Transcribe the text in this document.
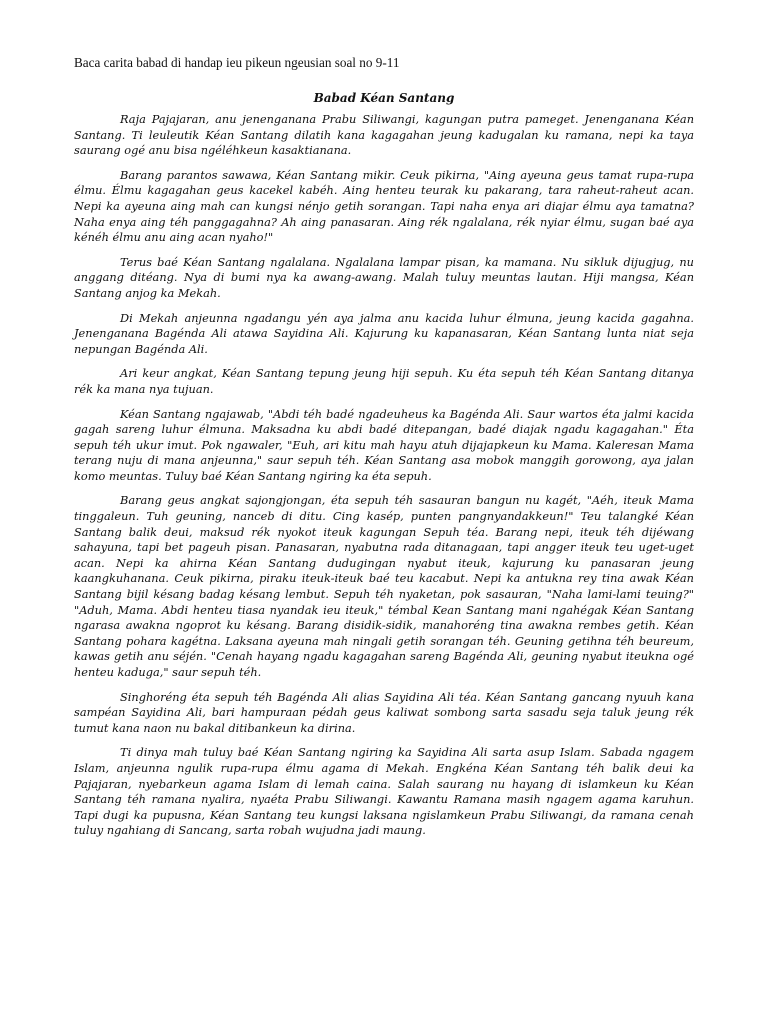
Baca carita babad di handap ieu pikeun ngeusian soal no 9-11

Babad Kéan Santang

Raja Pajajaran, anu jenenganana Prabu Siliwangi, kagungan putra pameget. Jenenganana Kéan Santang. Ti leuleutik Kéan Santang dilatih kana kagagahan jeung kadugalan ku ramana, nepi ka taya saurang ogé anu bisa ngéléhkeun kasaktianana.

Barang parantos sawawa, Kéan Santang mikir. Ceuk pikirna, "Aing ayeuna geus tamat rupa-rupa élmu. Élmu kagagahan geus kacekel kabéh. Aing henteu teurak ku pakarang, tara raheut-raheut acan. Nepi ka ayeuna aing mah can kungsi nénjo getih sorangan. Tapi naha enya ari diajar élmu aya tamatna? Naha enya aing téh panggagahna? Ah aing panasaran. Aing rék ngalalana, rék nyiar élmu, sugan baé aya kénéh élmu anu aing acan nyaho!"

Terus baé Kéan Santang ngalalana. Ngalalana lampar pisan, ka mamana. Nu sikluk dijugjug, nu anggang ditéang. Nya di bumi nya ka awang-awang. Malah tuluy meuntas lautan. Hiji mangsa, Kéan Santang anjog ka Mekah.

Di Mekah anjeunna ngadangu yén aya jalma anu kacida luhur élmuna, jeung kacida gagahna. Jenenganana Bagénda Ali atawa Sayidina Ali. Kajurung ku kapanasaran, Kéan Santang lunta niat seja nepungan Bagénda Ali.

Ari keur angkat, Kéan Santang tepung jeung hiji sepuh. Ku éta sepuh téh Kéan Santang ditanya rék ka mana nya tujuan.

Kéan Santang ngajawab, "Abdi téh badé ngadeuheus ka Bagénda Ali. Saur wartos éta jalmi kacida gagah sareng luhur élmuna. Maksadna ku abdi badé ditepangan, badé diajak ngadu kagagahan." Éta sepuh téh ukur imut. Pok ngawaler, "Euh, ari kitu mah hayu atuh dijajapkeun ku Mama. Kaleresan Mama terang nuju di mana anjeunna," saur sepuh téh. Kéan Santang asa mobok manggih gorowong, aya jalan komo meuntas. Tuluy baé Kéan Santang ngiring ka éta sepuh.

Barang geus angkat sajongjongan, éta sepuh téh sasauran bangun nu kagét, "Aéh, iteuk Mama tinggaleun. Tuh geuning, nanceb di ditu. Cing kasép, punten pangnyandakkeun!" Teu talangké Kéan Santang balik deui, maksud rék nyokot iteuk kagungan Sepuh téa. Barang nepi, iteuk téh dijéwang sahayuna, tapi bet pageuh pisan. Panasaran, nyabutna rada ditanagaan, tapi angger iteuk teu uget-uget acan. Nepi ka ahirna Kéan Santang dudugingan nyabut iteuk, kajurung ku panasaran jeung kaangkuhanana. Ceuk pikirna, piraku iteuk-iteuk baé teu kacabut. Nepi ka antukna rey tina awak Kéan Santang bijil késang badag késang lembut. Sepuh téh nyaketan, pok sasauran, "Naha lami-lami teuing?" "Aduh, Mama. Abdi henteu tiasa nyandak ieu iteuk," témbal Kean Santang mani ngahégak Kéan Santang ngarasa awakna ngoprot ku késang. Barang disidik-sidik, manahoréng tina awakna rembes getih. Kéan Santang pohara kagétna. Laksana ayeuna mah ningali getih sorangan téh. Geuning getihna téh beureum, kawas getih anu séjén. "Cenah hayang ngadu kagagahan sareng Bagénda Ali, geuning nyabut iteukna ogé henteu kaduga," saur sepuh téh.

Singhoréng éta sepuh téh Bagénda Ali alias Sayidina Ali téa. Kéan Santang gancang nyuuh kana sampéan Sayidina Ali, bari hampuraan pédah geus kaliwat sombong sarta sasadu seja taluk jeung rék tumut kana naon nu bakal ditibankeun ka dirina.

Ti dinya mah tuluy baé Kéan Santang ngiring ka Sayidina Ali sarta asup Islam. Sabada ngagem Islam, anjeunna ngulik rupa-rupa élmu agama di Mekah. Engkéna Kéan Santang téh balik deui ka Pajajaran, nyebarkeun agama Islam di lemah caina. Salah saurang nu hayang di islamkeun ku Kéan Santang téh ramana nyalira, nyaéta Prabu Siliwangi. Kawantu Ramana masih ngagem agama karuhun. Tapi dugi ka pupusna, Kéan Santang teu kungsi laksana ngislamkeun Prabu Siliwangi, da ramana cenah tuluy ngahiang di Sancang, sarta robah wujudna jadi maung.
